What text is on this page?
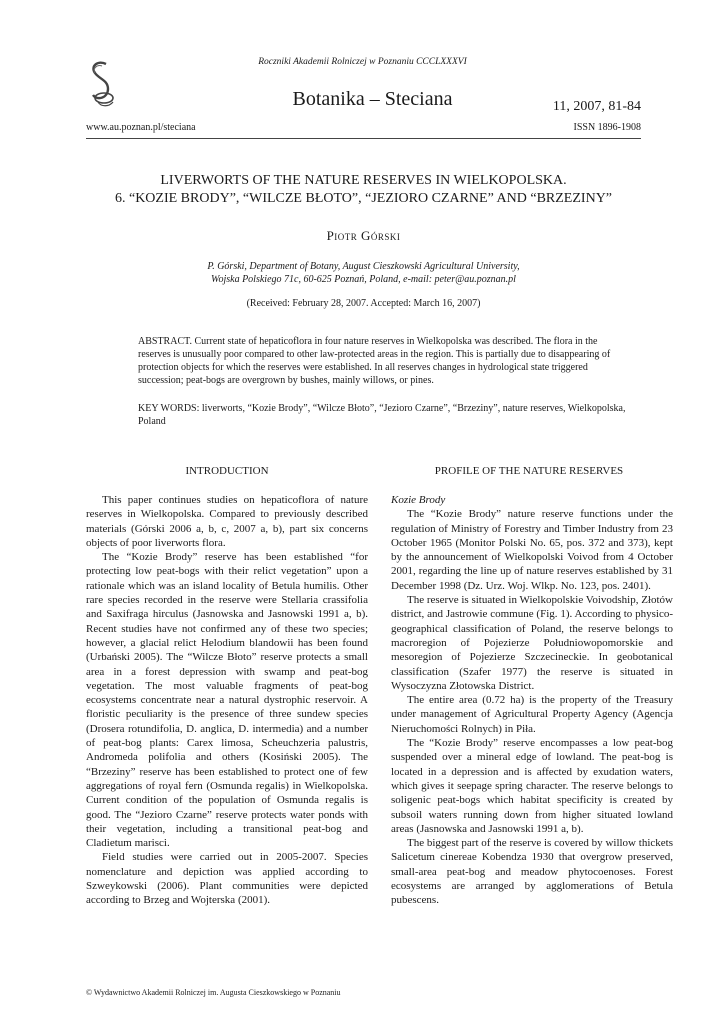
Roczniki Akademii Rolniczej w Poznaniu CCCLXXXVI
Botanika – Steciana	11, 2007, 81-84
www.au.poznan.pl/steciana	ISSN 1896-1908
LIVERWORTS OF THE NATURE RESERVES IN WIELKOPOLSKA.
6. “KOZIE BRODY”, “WILCZE BŁOTO”, “JEZIORO CZARNE” AND “BRZEZINY”
Piotr Górski
P. Górski, Department of Botany, August Cieszkowski Agricultural University,
Wojska Polskiego 71c, 60-625 Poznań, Poland, e-mail: peter@au.poznan.pl
(Received: February 28, 2007. Accepted: March 16, 2007)

ABSTRACT. Current state of hepaticoflora in four nature reserves in Wielkopolska was described. The flora in the reserves is unusually poor compared to other law-protected areas in the region. This is partially due to disappearing of protection objects for which the reserves were established. In all reserves changes in hydrological state triggered succession; peat-bogs are overgrown by bushes, mainly willows, or pines.

KEY WORDS: liverworts, “Kozie Brody”, “Wilcze Błoto”, “Jezioro Czarne”, “Brzeziny”, nature reserves, Wielkopolska, Poland

INTRODUCTION	PROFILE OF THE NATURE RESERVES

This paper continues studies on hepaticoflora of nature reserves in Wielkopolska. Compared to previously described materials (Górski 2006 a, b, c, 2007 a, b), part six concerns objects of poor liverworts flora.

The “Kozie Brody” reserve has been established “for protecting low peat-bogs with their relict vegetation” upon a rationale which was an island locality of Betula humilis. Other rare species recorded in the reserve were Stellaria crassifolia and Saxifraga hirculus (Jasnowska and Jasnowski 1991 a, b). Recent studies have not confirmed any of these two species; however, a glacial relict Helodium blandowii has been found (Urbański 2005). The “Wilcze Błoto” reserve protects a small area in a forest depression with swamp and peat-bog vegetation. The most valuable fragments of peat-bog ecosystems concentrate near a natural dystrophic reservoir. A floristic peculiarity is the presence of three sundew species (Drosera rotundifolia, D. anglica, D. intermedia) and a number of peat-bog plants: Carex limosa, Scheuchzeria palustris, Andromeda polifolia and others (Kosiński 2005). The “Brzeziny” reserve has been established to protect one of few aggregations of royal fern (Osmunda regalis) in Wielkopolska. Current condition of the population of Osmunda regalis is good. The “Jezioro Czarne” reserve protects water ponds with their vegetation, including a transitional peat-bog and Cladietum marisci.

Field studies were carried out in 2005-2007. Species nomenclature and depiction was applied according to Szweykowski (2006). Plant communities were depicted according to Brzeg and Wojterska (2001).

Kozie Brody

The “Kozie Brody” nature reserve functions under the regulation of Ministry of Forestry and Timber Industry from 23 October 1965 (Monitor Polski No. 65, pos. 372 and 373), kept by the announcement of Wielkopolski Voivod from 4 October 2001, regarding the line up of nature reserves established by 31 December 1998 (Dz. Urz. Woj. Wlkp. No. 123, pos. 2401).

The reserve is situated in Wielkopolskie Voivodship, Złotów district, and Jastrowie commune (Fig. 1). According to physico-geographical classification of Poland, the reserve belongs to macroregion of Pojezierze Południowopomorskie and mesoregion of Pojezierze Szczecineckie. In geobotanical classification (Szafer 1977) the reserve is situated in Wysoczyzna Złotowska District.

The entire area (0.72 ha) is the property of the Treasury under management of Agricultural Property Agency (Agencja Nieruchomości Rolnych) in Piła.

The “Kozie Brody” reserve encompasses a low peat-bog suspended over a mineral edge of lowland. The peat-bog is located in a depression and is affected by exudation waters, which gives it seepage spring character. The reserve belongs to soligenic peat-bogs which habitat specificity is created by subsoil waters running down from higher situated lowland areas (Jasnowska and Jasnowski 1991 a, b).

The biggest part of the reserve is covered by willow thickets Salicetum cinereae Kobendza 1930 that overgrow preserved, small-area peat-bog and meadow phytocoenoses. Forest ecosystems are arranged by agglomerations of Betula pubescens.

© Wydawnictwo Akademii Rolniczej im. Augusta Cieszkowskiego w Poznaniu
